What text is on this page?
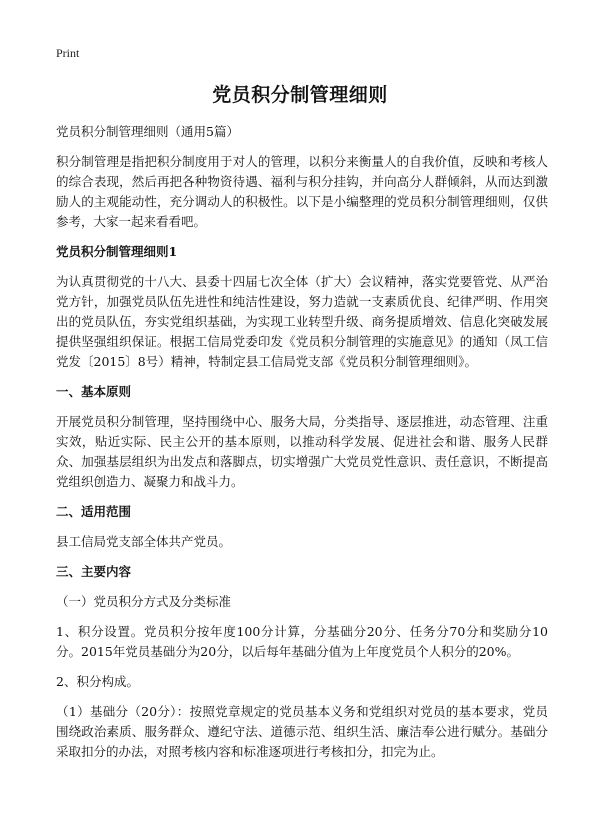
Print
党员积分制管理细则

党员积分制管理细则（通用5篇）

积分制管理是指把积分制度用于对人的管理，以积分来衡量人的自我价值，反映和考核人的综合表现，然后再把各种物资待遇、福利与积分挂钩，并向高分人群倾斜，从而达到激励人的主观能动性，充分调动人的积极性。以下是小编整理的党员积分制管理细则，仅供参考，大家一起来看看吧。

党员积分制管理细则1

为认真贯彻党的十八大、县委十四届七次全体（扩大）会议精神，落实党要管党、从严治党方针，加强党员队伍先进性和纯洁性建设，努力造就一支素质优良、纪律严明、作用突出的党员队伍，夯实党组织基础，为实现工业转型升级、商务提质增效、信息化突破发展提供坚强组织保证。根据工信局党委印发《党员积分制管理的实施意见》的通知（凤工信党发〔2015〕8号）精神，特制定县工信局党支部《党员积分制管理细则》。

一、基本原则

开展党员积分制管理，坚持围绕中心、服务大局，分类指导、逐层推进，动态管理、注重实效，贴近实际、民主公开的基本原则，以推动科学发展、促进社会和谐、服务人民群众、加强基层组织为出发点和落脚点，切实增强广大党员党性意识、责任意识，不断提高党组织创造力、凝聚力和战斗力。

二、适用范围

县工信局党支部全体共产党员。

三、主要内容

（一）党员积分方式及分类标准

1、积分设置。党员积分按年度100分计算，分基础分20分、任务分70分和奖励分10分。2015年党员基础分为20分，以后每年基础分值为上年度党员个人积分的20%。

2、积分构成。

（1）基础分（20分）：按照党章规定的党员基本义务和党组织对党员的基本要求，党员围绕政治素质、服务群众、遵纪守法、道德示范、组织生活、廉洁奉公进行赋分。基础分采取扣分的办法，对照考核内容和标准逐项进行考核扣分，扣完为止。
